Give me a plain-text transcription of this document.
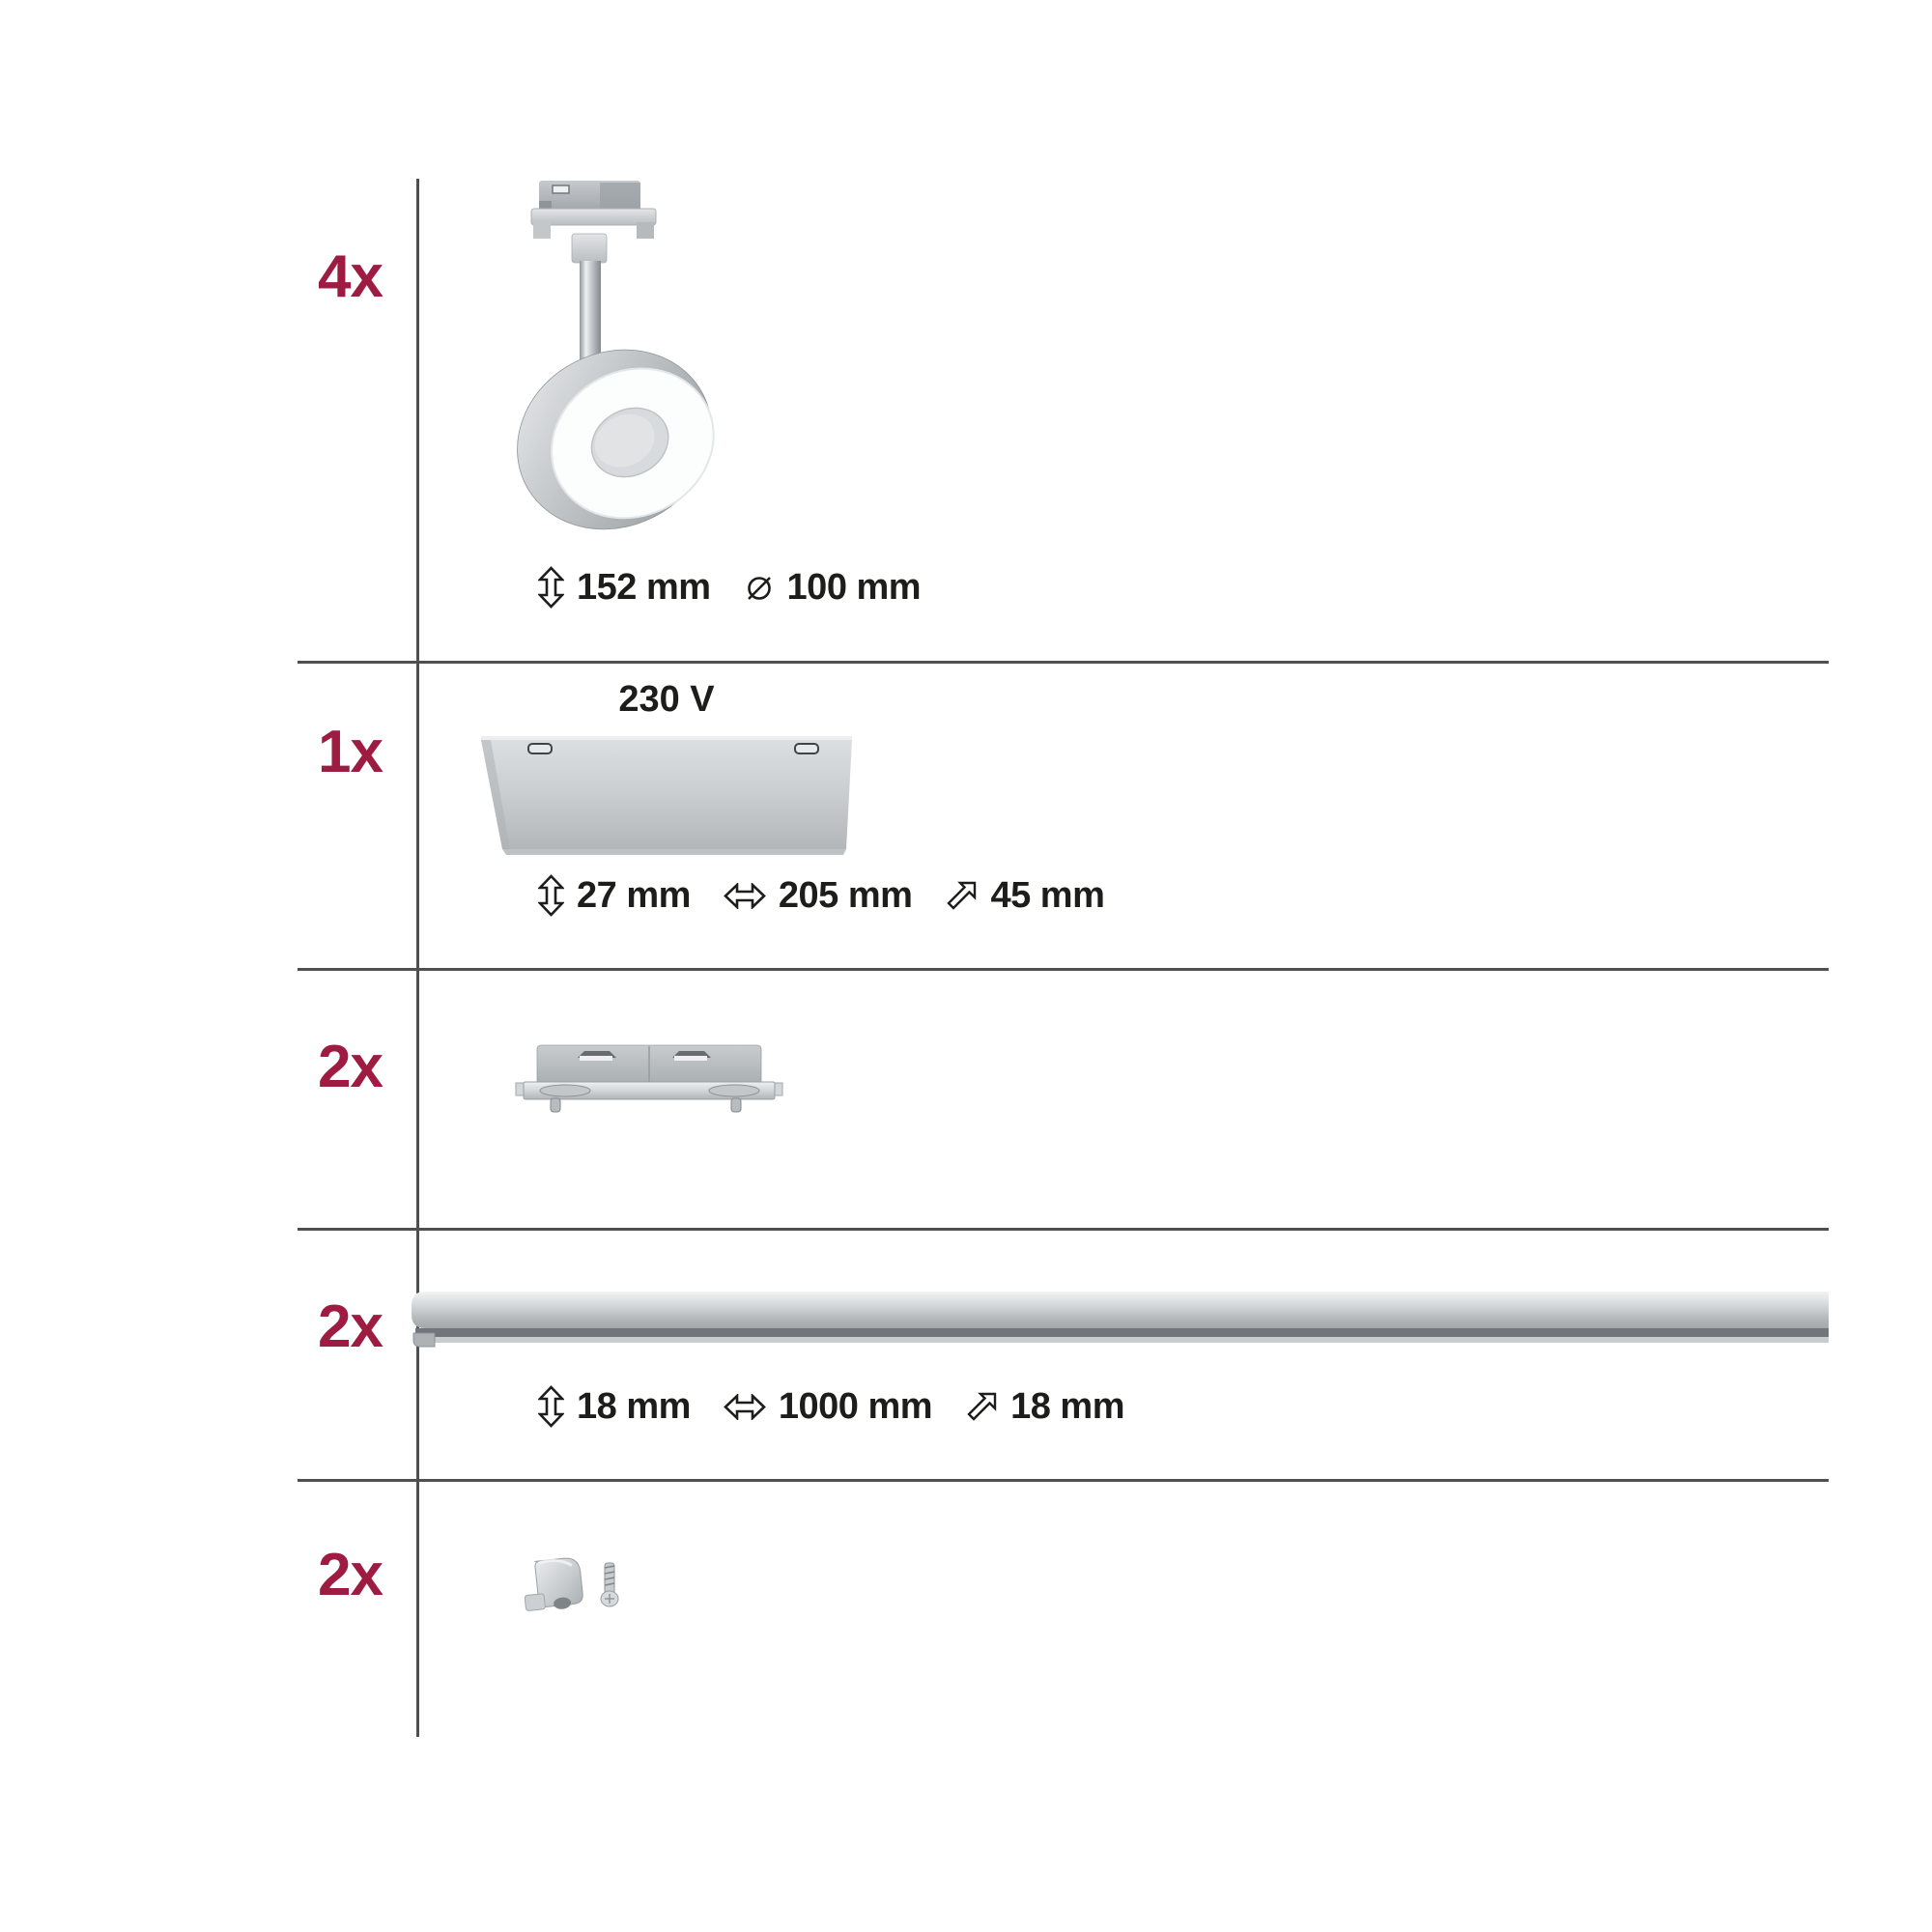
4x
1x
2x
2x
2x
152 mm 100 mm
230 V
27 mm 205 mm 45 mm
18 mm 1000 mm 18 mm
